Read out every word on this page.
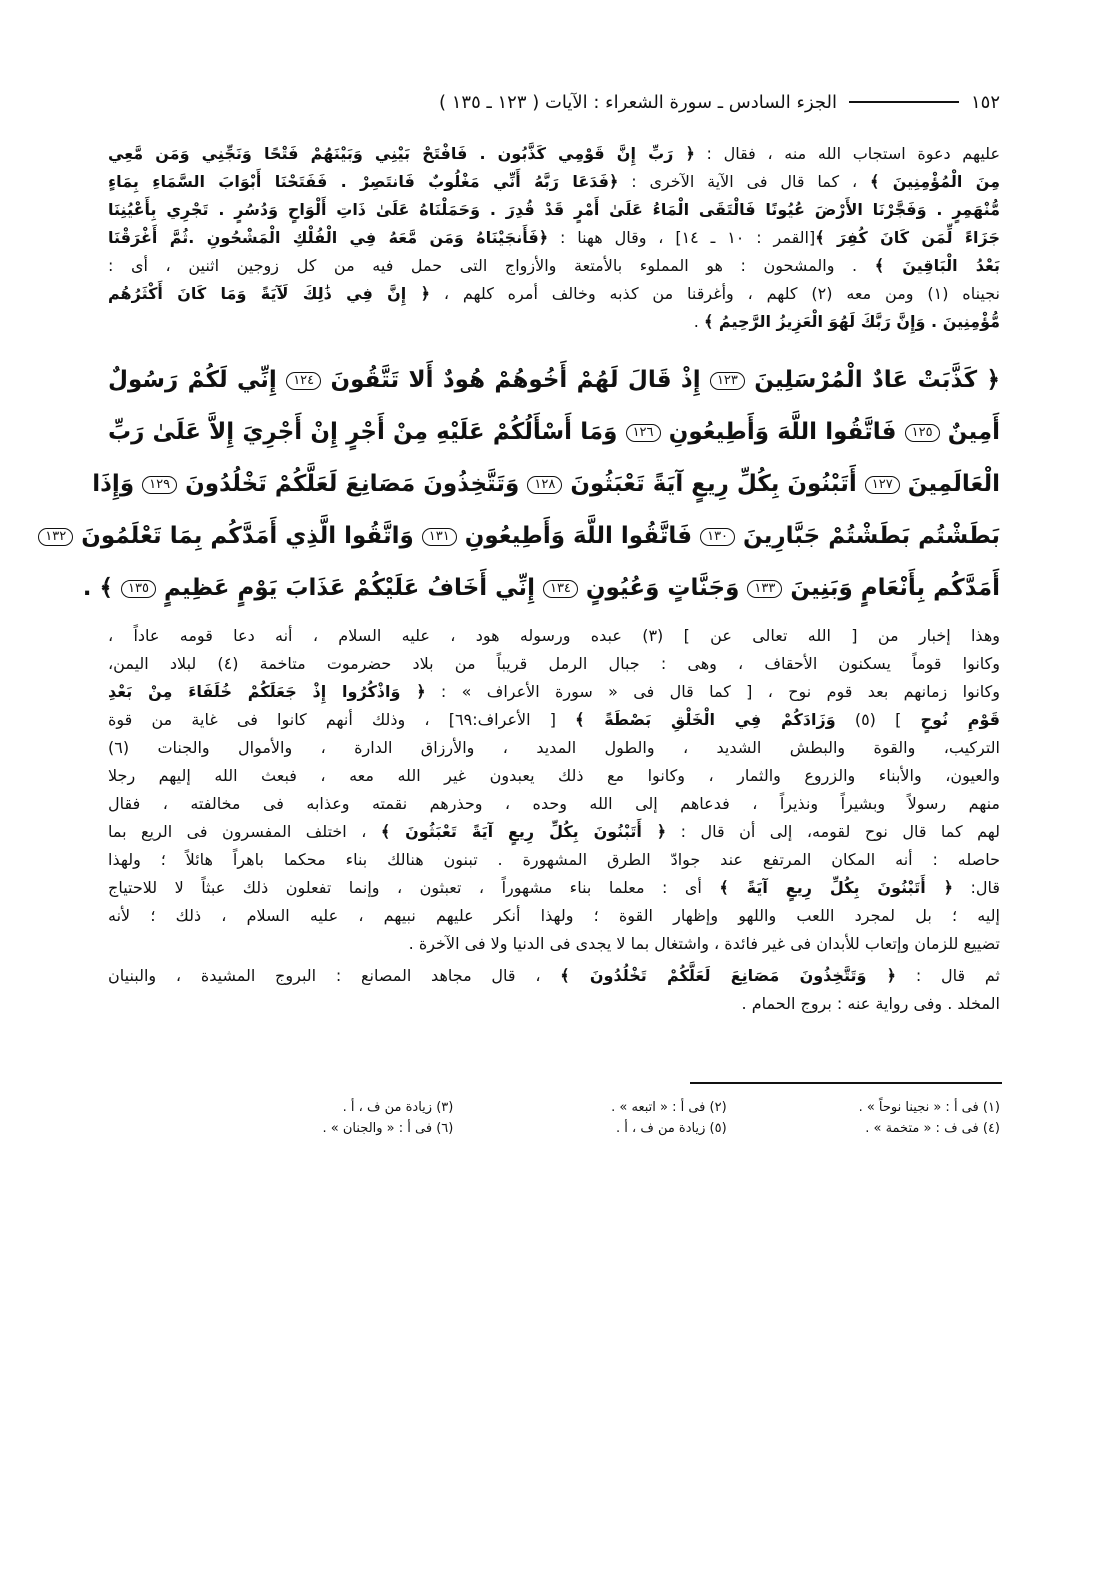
١٥٢
الجزء السادس ـ سورة الشعراء : الآيات ( ١٢٣ ـ ١٣٥ )
عليهم دعوة استجاب الله منه ، فقال : ﴿ رَبِّ إِنَّ قَوْمِي كَذَّبُون . فَافْتَحْ بَيْنِي وَبَيْنَهُمْ فَتْحًا وَنَجِّنِي وَمَن مَّعِي
مِنَ الْمُؤْمِنِينَ ﴾ ، كما قال فى الآية الآخرى : ﴿فَدَعَا رَبَّهُ أَنِّي مَغْلُوبٌ فَانتَصِرْ . فَفَتَحْنَا أَبْوَابَ السَّمَاءِ بِمَاءٍ
مُّنْهَمِرٍ . وَفَجَّرْنَا الأَرْضَ عُيُونًا فَالْتَقَى الْمَاءُ عَلَىٰ أَمْرٍ قَدْ قُدِرَ . وَحَمَلْنَاهُ عَلَىٰ ذَاتِ أَلْوَاحٍ وَدُسُرٍ . تَجْرِي بِأَعْيُنِنَا
جَزَاءً لِّمَن كَانَ كُفِرَ ﴾[القمر : ١٠ ـ ١٤] ، وقال ههنا : ﴿فَأَنجَيْنَاهُ وَمَن مَّعَهُ فِي الْفُلْكِ الْمَشْحُونِ .ثُمَّ أَغْرَقْنَا
بَعْدُ الْبَاقِينَ ﴾ . والمشحون : هو المملوء بالأمتعة والأزواج التى حمل فيه من كل زوجين اثنين ، أى :
نجيناه (١) ومن معه (٢) كلهم ، وأغرقنا من كذبه وخالف أمره كلهم ، ﴿ إِنَّ فِي ذَٰلِكَ لَآيَةً وَمَا كَانَ أَكْثَرُهُم
مُّؤْمِنِينَ . وَإِنَّ رَبَّكَ لَهُوَ الْعَزِيزُ الرَّحِيمُ ﴾ .
﴿ كَذَّبَتْ عَادٌ الْمُرْسَلِينَ ١٢٣ إِذْ قَالَ لَهُمْ أَخُوهُمْ هُودٌ أَلا تَتَّقُونَ ١٢٤ إِنِّي لَكُمْ رَسُولٌ
أَمِينٌ ١٢٥ فَاتَّقُوا اللَّهَ وَأَطِيعُونِ ١٢٦ وَمَا أَسْأَلُكُمْ عَلَيْهِ مِنْ أَجْرٍ إِنْ أَجْرِيَ إِلاَّ عَلَىٰ رَبِّ
الْعَالَمِينَ ١٢٧ أَتَبْنُونَ بِكُلِّ رِيعٍ آيَةً تَعْبَثُونَ ١٢٨ وَتَتَّخِذُونَ مَصَانِعَ لَعَلَّكُمْ تَخْلُدُونَ ١٢٩ وَإِذَا
بَطَشْتُم بَطَشْتُمْ جَبَّارِينَ ١٣٠ فَاتَّقُوا اللَّهَ وَأَطِيعُونِ ١٣١ وَاتَّقُوا الَّذِي أَمَدَّكُم بِمَا تَعْلَمُونَ ١٣٢
أَمَدَّكُم بِأَنْعَامٍ وَبَنِينَ ١٣٣ وَجَنَّاتٍ وَعُيُونٍ ١٣٤ إِنِّي أَخَافُ عَلَيْكُمْ عَذَابَ يَوْمٍ عَظِيمٍ ١٣٥ ﴾ .
وهذا إخبار من [ الله تعالى عن ] (٣) عبده ورسوله هود ، عليه السلام ، أنه دعا قومه عاداً ،
وكانوا قوماً يسكنون الأحقاف ، وهى : جبال الرمل قريباً من بلاد حضرموت متاخمة (٤) لبلاد اليمن،
وكانوا زمانهم بعد قوم نوح ، [ كما قال فى « سورة الأعراف » : ﴿ وَاذْكُرُوا إِذْ جَعَلَكُمْ خُلَفَاءَ مِنْ بَعْدِ
قَوْمِ نُوحٍ ] (٥) وَزَادَكُمْ فِي الْخَلْقِ بَصْطَةً ﴾ [ الأعراف:٦٩] ، وذلك أنهم كانوا فى غاية من قوة
التركيب، والقوة والبطش الشديد ، والطول المديد ، والأرزاق الدارة ، والأموال والجنات (٦)
والعيون، والأبناء والزروع والثمار ، وكانوا مع ذلك يعبدون غير الله معه ، فبعث الله إليهم رجلا
منهم رسولاً وبشيراً ونذيراً ، فدعاهم إلى الله وحده ، وحذرهم نقمته وعذابه فى مخالفته ، فقال
لهم كما قال نوح لقومه، إلى أن قال : ﴿ أَتَبْنُونَ بِكُلِّ رِيعٍ آيَةً تَعْبَثُونَ ﴾ ، اختلف المفسرون فى الريع بما
حاصله : أنه المكان المرتفع عند جوادّ الطرق المشهورة . تبنون هنالك بناء محكما باهراً هائلاً ؛ ولهذا
قال: ﴿ أَتَبْنُونَ بِكُلِّ رِيعٍ آيَةً ﴾ أى : معلما بناء مشهوراً ، تعبثون ، وإنما تفعلون ذلك عبثاً لا للاحتياج
إليه ؛ بل لمجرد اللعب واللهو وإظهار القوة ؛ ولهذا أنكر عليهم نبيهم ، عليه السلام ، ذلك ؛ لأنه
تضييع للزمان وإتعاب للأبدان فى غير فائدة ، واشتغال بما لا يجدى فى الدنيا ولا فى الآخرة .
ثم قال : ﴿ وَتَتَّخِذُونَ مَصَانِعَ لَعَلَّكُمْ تَخْلُدُونَ ﴾ ، قال مجاهد المصانع : البروج المشيدة ، والبنيان
المخلد . وفى رواية عنه : بروج الحمام .
(١) فى أ : « نجينا نوحاً » .
(٢) فى أ : « اتبعه » .
(٣) زيادة من ف ، أ .
(٤) فى ف : « متخمة » .
(٥) زيادة من ف ، أ .
(٦) فى أ : « والجنان » .
